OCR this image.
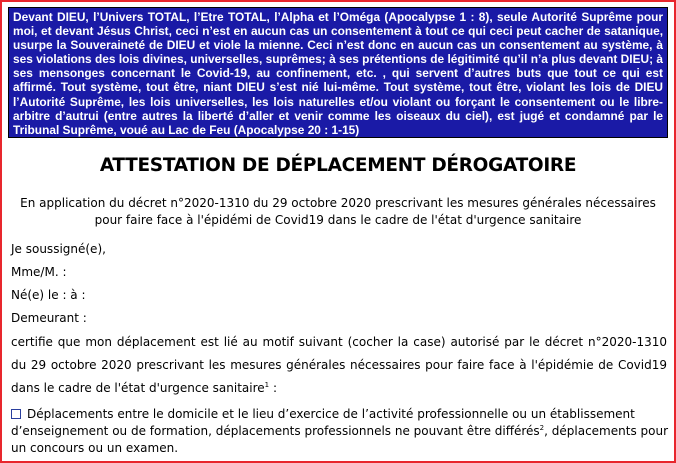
Devant DIEU, l’Univers TOTAL, l’Etre TOTAL, l’Alpha et l’Oméga (Apocalypse 1 : 8), seule Autorité Suprême pour moi, et devant Jésus Christ, ceci n’est en aucun cas un consentement à tout ce qui ceci peut cacher de satanique, usurpe la Souveraineté de DIEU et viole la mienne. Ceci n’est donc en aucun cas un consentement au système, à ses violations des lois divines, universelles, suprêmes; à ses prétentions de légitimité qu’il n’a plus devant DIEU; à ses mensonges concernant le Covid-19, au confinement, etc. , qui servent d’autres buts que tout ce qui est affirmé. Tout système, tout être, niant DIEU s’est nié lui-même. Tout système, tout être, violant les lois de DIEU l’Autorité Suprême, les lois universelles, les lois naturelles et/ou violant ou forçant le consentement ou le libre-arbitre d’autrui (entre autres la liberté d’aller et venir comme les oiseaux du ciel), est jugé et condamné par le Tribunal Suprême, voué au Lac de Feu (Apocalypse 20 : 1-15)

ATTESTATION DE DÉPLACEMENT DÉROGATOIRE

En application du décret n°2020-1310 du 29 octobre 2020 prescrivant les mesures générales nécessaires pour faire face à l'épidémi de Covid19 dans le cadre de l'état d'urgence sanitaire

Je soussigné(e),

Mme/M. :

Né(e) le : à :

Demeurant :

certifie que mon déplacement est lié au motif suivant (cocher la case) autorisé par le décret n°2020-1310 du 29 octobre 2020 prescrivant les mesures générales nécessaires pour faire face à l'épidémie de Covid19 dans le cadre de l'état d'urgence sanitaire$^1$ :

Déplacements entre le domicile et le lieu d’exercice de l’activité professionnelle ou un établissement d’enseignement ou de formation, déplacements professionnels ne pouvant être différés$^2$, déplacements pour un concours ou un examen.
